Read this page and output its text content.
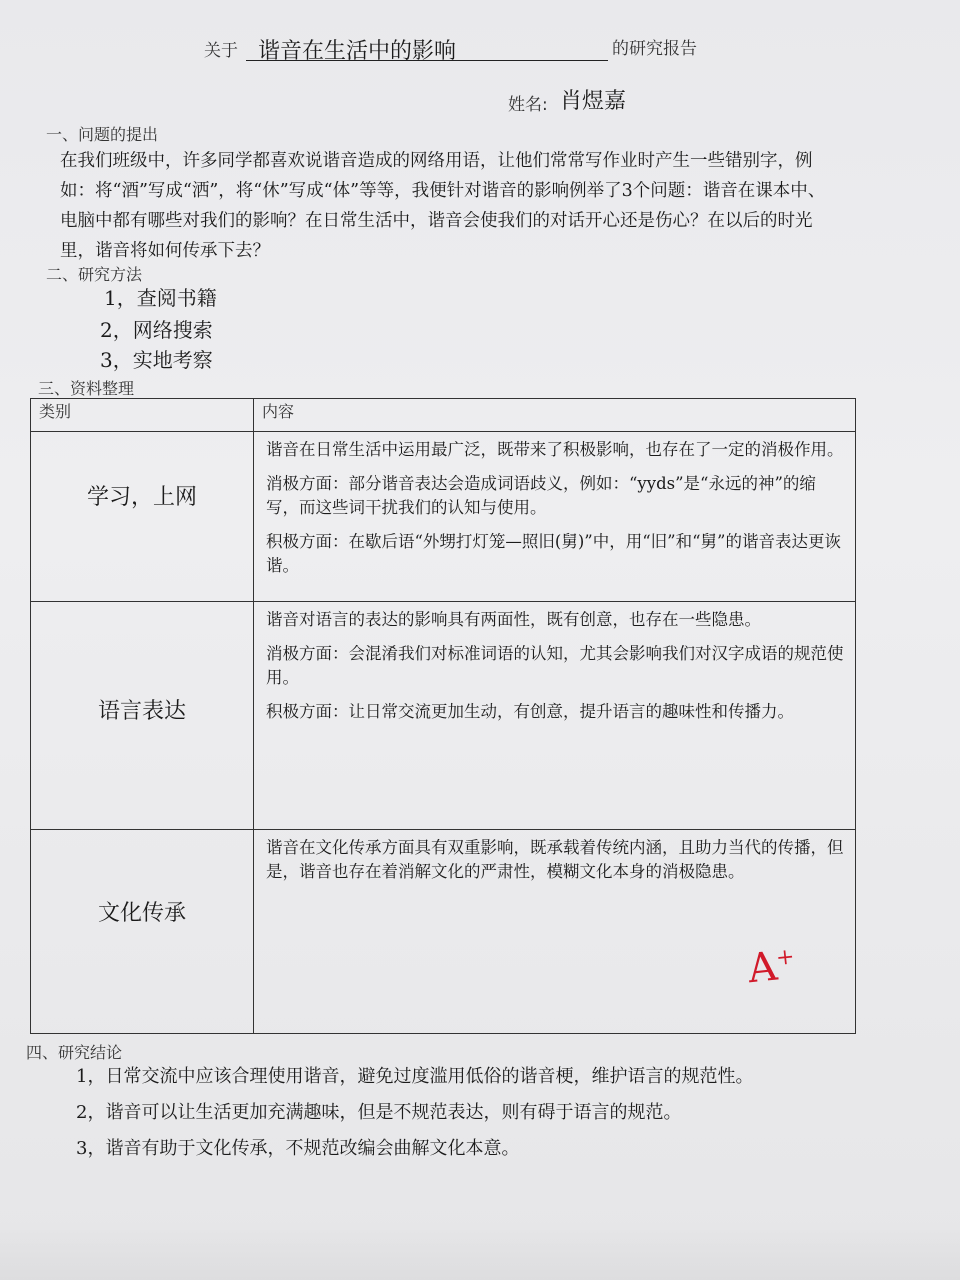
关于 谐音在生活中的影响	的研究报告
姓名: 肖煜嘉
一、问题的提出
在我们班级中，许多同学都喜欢说谐音造成的网络用语，让他们常常写作业时产生一些错别字，例如：将“酒”写成“洒”，将“休”写成“体”等等，我便针对谐音的影响例举了3个问题：谐音在课本中、电脑中都有哪些对我们的影响？在日常生活中，谐音会使我们的对话开心还是伤心？在以后的时光里，谐音将如何传承下去？
二、研究方法
1，查阅书籍
2，网络搜索
3，实地考察
三、资料整理
类别	内容

学习，上网	谐音在日常生活中运用最广泛，既带来了积极影响，也存在了一定的消极作用。

消极方面：部分谐音表达会造成词语歧义，例如：“yyds”是“永远的神”的缩写，而这些词干扰我们的认知与使用。

积极方面：在歇后语“外甥打灯笼—照旧(舅)”中，用“旧”和“舅”的谐音表达更诙谐。

语言表达	谐音对语言的表达的影响具有两面性，既有创意，也存在一些隐患。

消极方面：会混淆我们对标准词语的认知，尤其会影响我们对汉字成语的规范使用。

积极方面：让日常交流更加生动，有创意，提升语言的趣味性和传播力。

文化传承	谐音在文化传承方面具有双重影响，既承载着传统内涵，且助力当代的传播，但是，谐音也存在着消解文化的严肃性，模糊文化本身的消极隐患。

A+
四、研究结论
1，日常交流中应该合理使用谐音，避免过度滥用低俗的谐音梗，维护语言的规范性。
2，谐音可以让生活更加充满趣味，但是不规范表达，则有碍于语言的规范。
3，谐音有助于文化传承，不规范改编会曲解文化本意。
